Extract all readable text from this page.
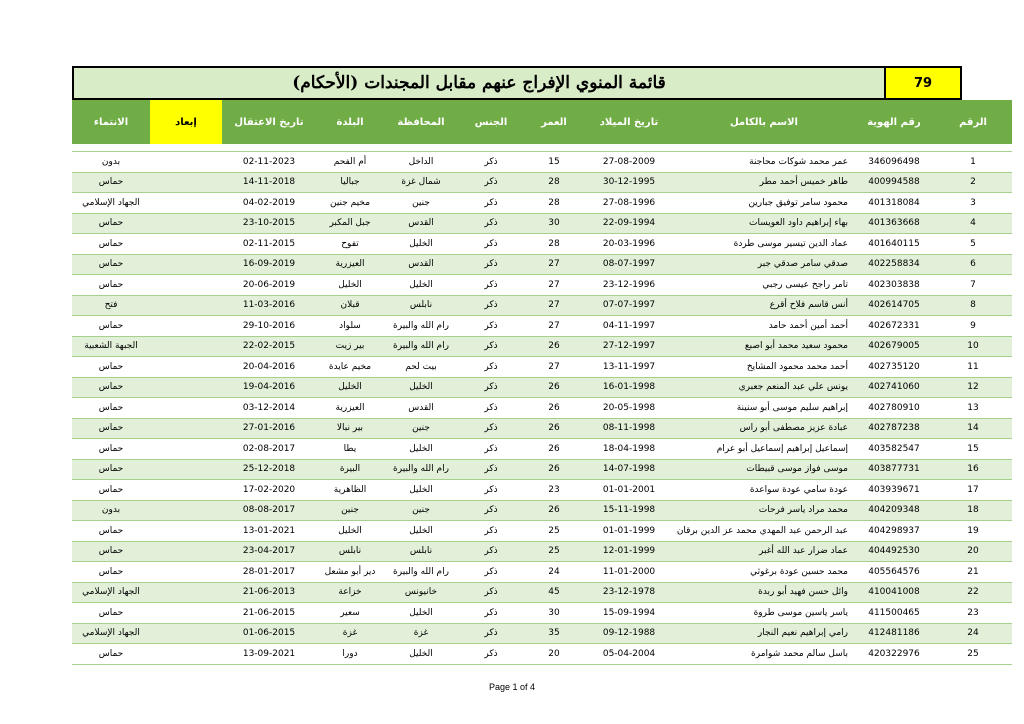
قائمة المنوي الإفراج عنهم مقابل المجندات (الأحكام)	79
الانتماء	إبعاد	تاريخ الاعتقال	البلدة	المحافظة	الجنس	العمر	تاريخ الميلاد	الاسم بالكامل	رقم الهوية	الرقم

بدون		02-11-2023	أم الفحم	الداخل	ذكر	15	27-08-2009	عمر محمد شوكات محاجنة	346096498	1
حماس		14-11-2018	جباليا	شمال غزة	ذكر	28	30-12-1995	طاهر خميس أحمد مطر	400994588	2
الجهاد الإسلامي		04-02-2019	مخيم جنين	جنين	ذكر	28	27-08-1996	محمود سامر توفيق جبارين	401318084	3
حماس		23-10-2015	جبل المكبر	القدس	ذكر	30	22-09-1994	بهاء إبراهيم داود العويسات	401363668	4
حماس		02-11-2015	تفوح	الخليل	ذكر	28	20-03-1996	عماد الدين تيسير موسى طردة	401640115	5
حماس		16-09-2019	العيزرية	القدس	ذكر	27	08-07-1997	صدقي سامر صدقي جبر	402258834	6
حماس		20-06-2019	الخليل	الخليل	ذكر	27	23-12-1996	تامر راجح عيسى رجبي	402303838	7
فتح		11-03-2016	قبلان	نابلس	ذكر	27	07-07-1997	أنس قاسم فلاح أقرع	402614705	8
حماس		29-10-2016	سلواد	رام الله والبيرة	ذكر	27	04-11-1997	أحمد أمين أحمد حامد	402672331	9
الجبهة الشعبية		22-02-2015	بير زيت	رام الله والبيرة	ذكر	26	27-12-1997	محمود سعيد محمد أبو اصبع	402679005	10
حماس		20-04-2016	مخيم عايدة	بيت لحم	ذكر	27	13-11-1997	أحمد محمد محمود المشايخ	402735120	11
حماس		19-04-2016	الخليل	الخليل	ذكر	26	16-01-1998	يونس علي عبد المنعم جعبري	402741060	12
حماس		03-12-2014	العيزرية	القدس	ذكر	26	20-05-1998	إبراهيم سليم موسى أبو سنينة	402780910	13
حماس		27-01-2016	بير نبالا	جنين	ذكر	26	08-11-1998	عبادة عزيز مصطفى أبو راس	402787238	14
حماس		02-08-2017	يطا	الخليل	ذكر	26	18-04-1998	إسماعيل إبراهيم إسماعيل أبو عرام	403582547	15
حماس		25-12-2018	البيرة	رام الله والبيرة	ذكر	26	14-07-1998	موسى فواز موسى قبيطات	403877731	16
حماس		17-02-2020	الظاهرية	الخليل	ذكر	23	01-01-2001	عودة سامي عودة سواعدة	403939671	17
بدون		08-08-2017	جنين	جنين	ذكر	26	15-11-1998	محمد مراد ياسر فرحات	404209348	18
حماس		13-01-2021	الخليل	الخليل	ذكر	25	01-01-1999	عبد الرحمن عبد المهدي محمد عز الدين برقان	404298937	19
حماس		23-04-2017	نابلس	نابلس	ذكر	25	12-01-1999	عماد ضرار عبد الله أغبر	404492530	20
حماس		28-01-2017	دير أبو مشعل	رام الله والبيرة	ذكر	24	11-01-2000	محمد حسين عودة برغوثي	405564576	21
الجهاد الإسلامي		21-06-2013	خزاعة	خانيونس	ذكر	45	23-12-1978	وائل حسن فهيد أبو ربدة	410041008	22
حماس		21-06-2015	سعير	الخليل	ذكر	30	15-09-1994	ياسر ياسين موسى طروة	411500465	23
الجهاد الإسلامي		01-06-2015	غزة	غزة	ذكر	35	09-12-1988	رامي إبراهيم نعيم النجار	412481186	24
حماس		13-09-2021	دورا	الخليل	ذكر	20	05-04-2004	باسل سالم محمد شوامرة	420322976	25
Page 1 of 4
